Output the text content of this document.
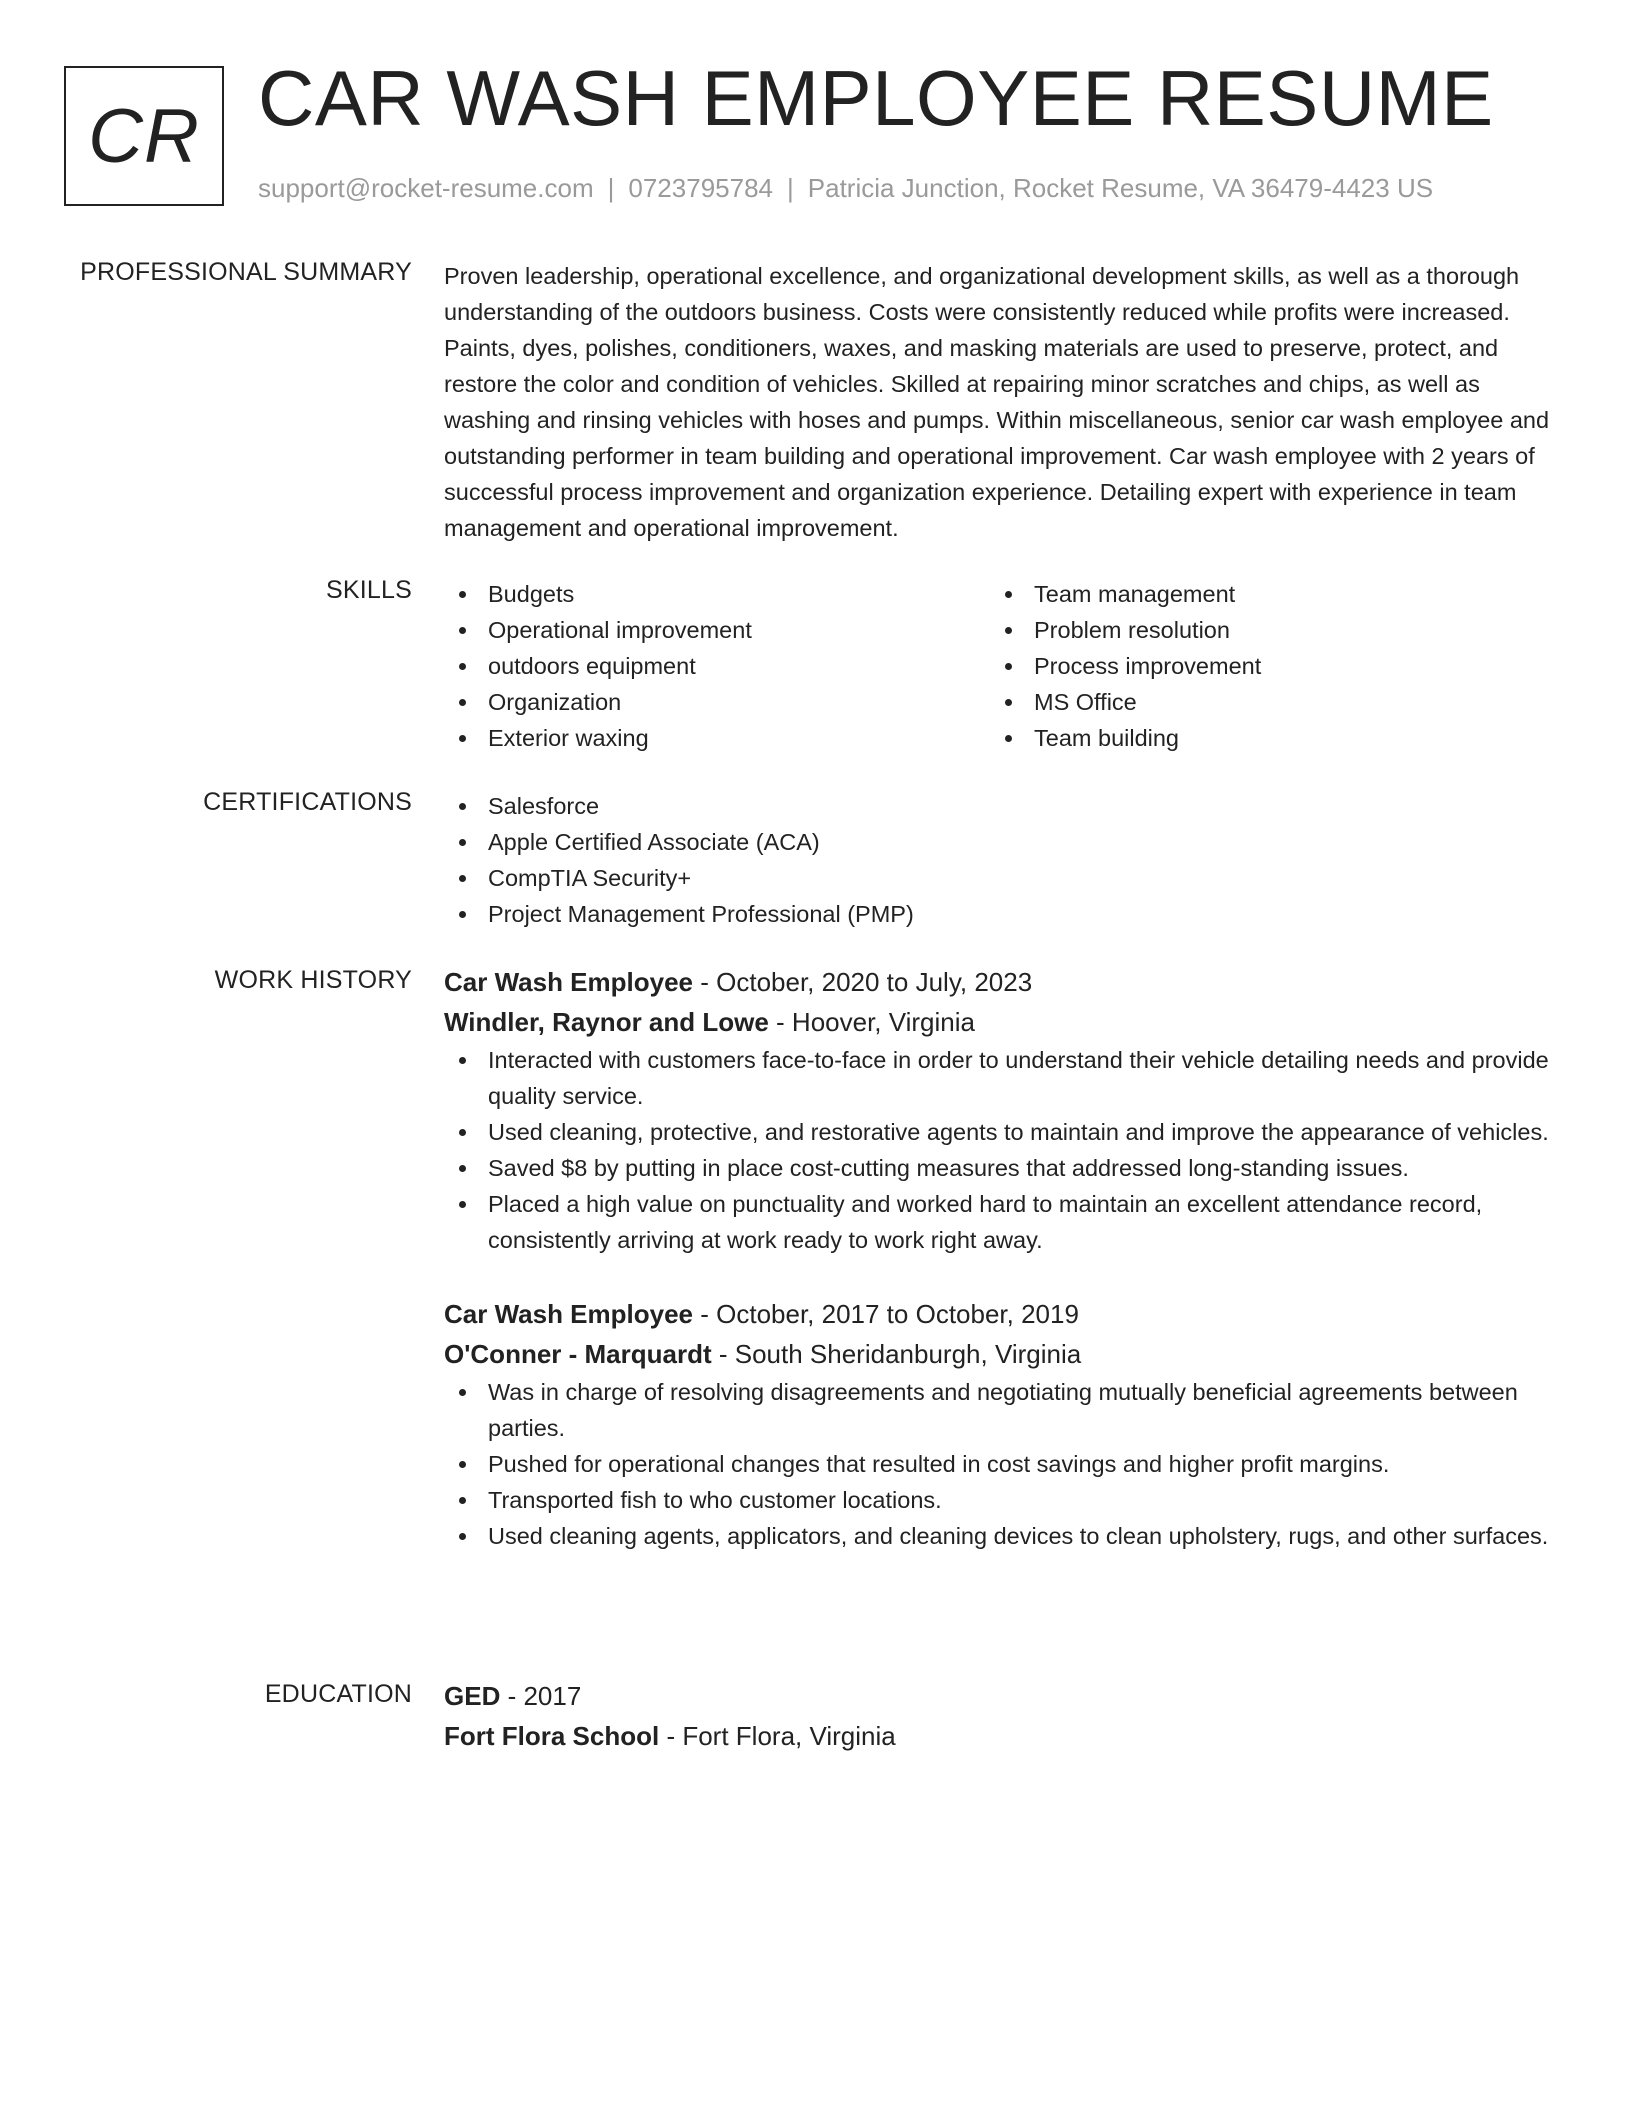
CR CAR WASH EMPLOYEE RESUME
support@rocket-resume.com | 0723795784 | Patricia Junction, Rocket Resume, VA 36479-4423 US
PROFESSIONAL SUMMARY Proven leadership, operational excellence, and organizational development skills, as well as a thorough understanding of the outdoors business. Costs were consistently reduced while profits were increased. Paints, dyes, polishes, conditioners, waxes, and masking materials are used to preserve, protect, and restore the color and condition of vehicles. Skilled at repairing minor scratches and chips, as well as washing and rinsing vehicles with hoses and pumps. Within miscellaneous, senior car wash employee and outstanding performer in team building and operational improvement. Car wash employee with 2 years of successful process improvement and organization experience. Detailing expert with experience in team management and operational improvement.

SKILLS	Budgets
Operational improvement
outdoors equipment
Organization
Exterior waxing
Team management
Problem resolution
Process improvement
MS Office
Team building
CERTIFICATIONS	Salesforce
Apple Certified Associate (ACA)
CompTIA Security+
Project Management Professional (PMP)
WORK HISTORY Car Wash Employee - October, 2020 to July, 2023
Windler, Raynor and Lowe - Hoover, Virginia
Interacted with customers face-to-face in order to understand their vehicle detailing needs and provide quality service.
Used cleaning, protective, and restorative agents to maintain and improve the appearance of vehicles.
Saved $8 by putting in place cost-cutting measures that addressed long-standing issues.
Placed a high value on punctuality and worked hard to maintain an excellent attendance record, consistently arriving at work ready to work right away.
Car Wash Employee - October, 2017 to October, 2019
O'Conner - Marquardt - South Sheridanburgh, Virginia
Was in charge of resolving disagreements and negotiating mutually beneficial agreements between parties.
Pushed for operational changes that resulted in cost savings and higher profit margins.
Transported fish to who customer locations.
Used cleaning agents, applicators, and cleaning devices to clean upholstery, rugs, and other surfaces.
EDUCATION GED - 2017
Fort Flora School - Fort Flora, Virginia
